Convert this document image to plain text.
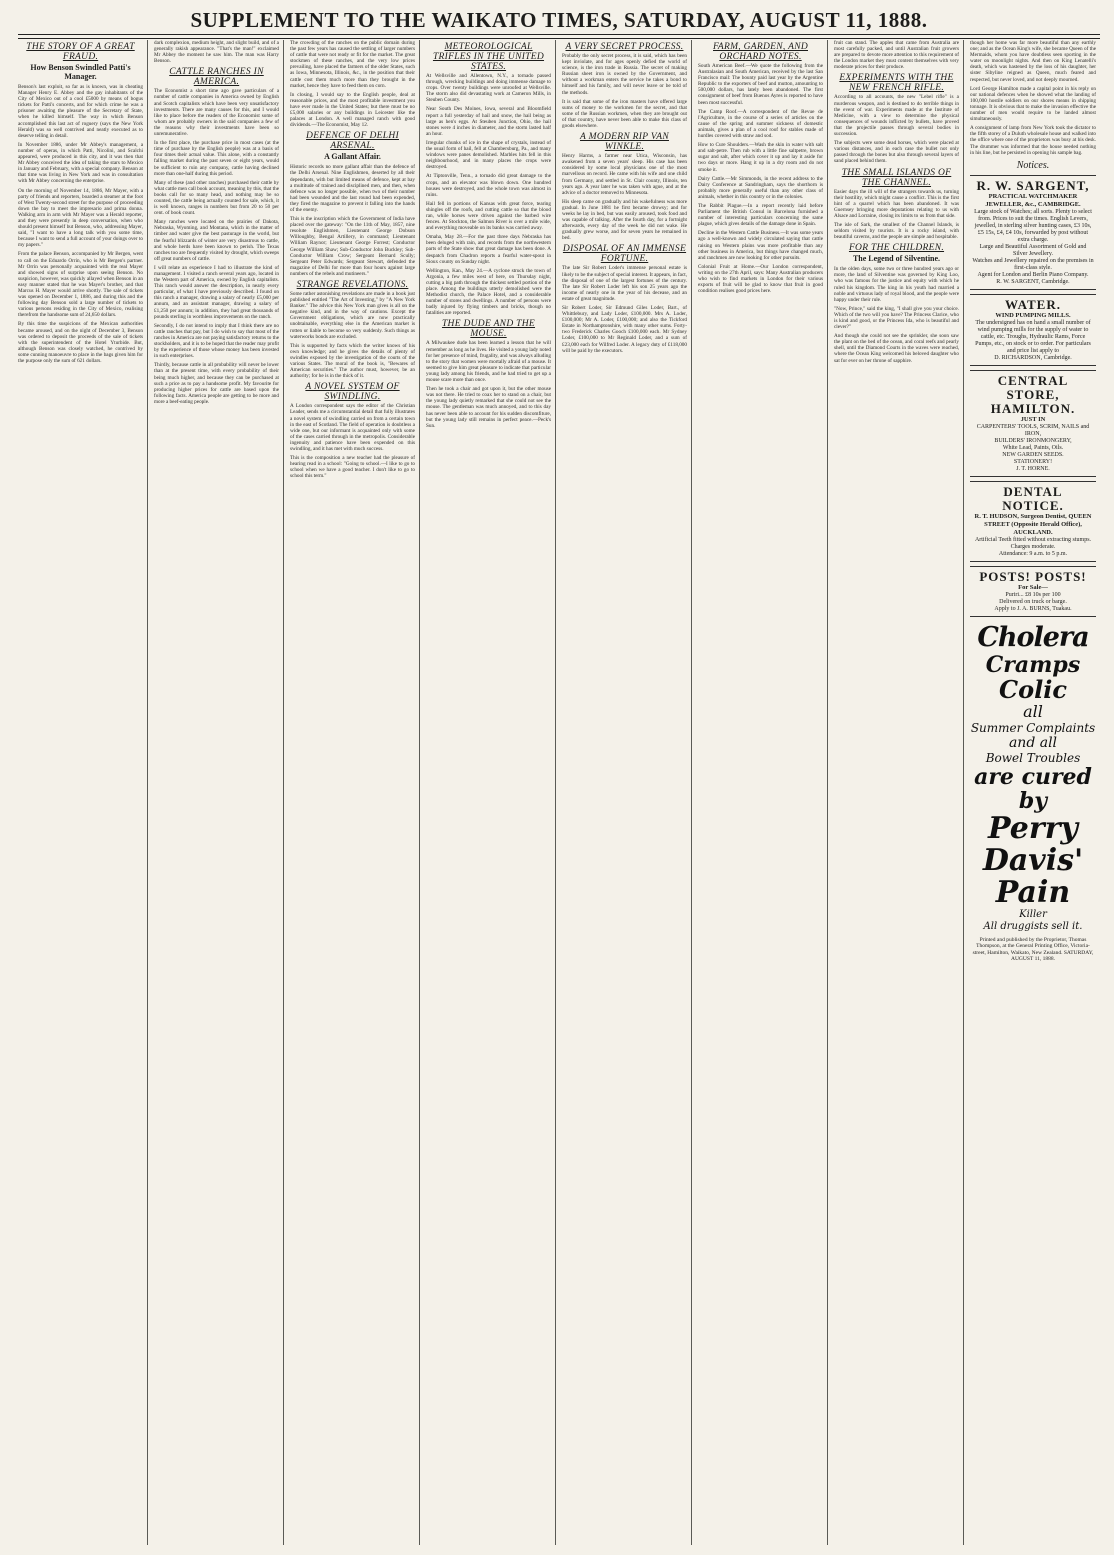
SUPPLEMENT TO THE WAIKATO TIMES, SATURDAY, AUGUST 11, 1888.
THE STORY OF A GREAT FRAUD.
How Benson Swindled Patti's Manager.

Benson's last exploit, so far as is known, was in cheating Manager Henry E. Abbey and the gay inhabitants of the City of Mexico out of a cool £5000 by means of bogus tickets for Patti's concerts, and for which crime he was a prisoner awaiting the pleasure of the Secretary of State, when he killed himself. The way in which Benson accomplished this last act of roguery (says the New York Herald) was so well contrived and neatly executed as to deserve telling in detail.

In November 1886, under Mr Abbey's management, a number of operas, in which Patti, Nicolini, and Scalchi appeared, were produced in this city, and it was then that Mr Abbey conceived the idea of taking the stars to Mexico in January and February, with a special company. Benson at that time was living in New York and was in consultation with Mr Abbey concerning the enterprise.

On the morning of November 14, 1886, Mr Mayer, with a party of friends and reporters, boarded a steamer at the foot of West Twenty-second street for the purpose of proceeding down the bay to meet the impresario and prima donna. Walking arm in arm with Mr Mayer was a Herald reporter, and they were presently in deep conversation, when who should present himself but Benson, who, addressing Mayer, said, "I want to have a long talk with you some time, because I want to send a full account of your doings over to my papers."

From the palace Benson, accompanied by Mr Bergen, went to call on the Eduardo Orrin, who is Mr Bergen's partner. Mr Orrin was personally acquainted with the real Mayer and showed signs of surprise upon seeing Benson. No suspicion, however, was quickly allayed when Benson in an easy manner stated that he was Mayer's brother, and that Marcus H. Mayer would arrive shortly. The sale of tickets was opened on December 1, 1886, and during this and the following day Benson sold a large number of tickets to various persons residing in the City of Mexico, realising therefrom the handsome sum of 24,650 dollars.

By this time the suspicions of the Mexican authorities became aroused, and on the night of December 3, Benson was ordered to deposit the proceeds of the sale of tickets with the superintendent of the Hotel Yturbide. But, although Benson was closely watched, he contrived by some cunning manoeuvre to place in the bags given him for the purpose only the sum of 621 dollars.

dark complexion, medium height, and slight build, and of a generally rakish appearance. "That's the man!" exclaimed Mr Abbey the moment he saw him. The man was Harry Benson.

CATTLE RANCHES IN AMERICA.

The Economist a short time ago gave particulars of a number of cattle companies in America owned by English and Scotch capitalists which have been very unsatisfactory investments. There are many causes for this, and I would like to place before the readers of the Economist some of whom are probably owners in the said companies a few of the reasons why their investments have been so unremunerative.

In the first place, the purchase price in most cases (at the time of purchase by the English people) was at a basis of four times their actual value. This alone, with a constantly falling market during the past seven or eight years, would be sufficient to ruin any company, cattle having declined more than one-half during this period.

Many of these (and other ranches) purchased their cattle by what cattle men call book account, meaning by this, that the books call for so many head, and nothing may be so counted, the cattle being actually counted for sale, which, it is well known, ranges in numbers but from 20 to 50 per cent. of book count.

Many ranches were located on the prairies of Dakota, Nebraska, Wyoming, and Montana, which in the matter of timber and water give the best pasturage in the world, but the fearful blizzards of winter are very disastrous to cattle, and whole herds have been known to perish. The Texas ranches too are frequently visited by drought, which sweeps off great numbers of cattle.

I will relate an experience I had to illustrate the kind of management. I visited a ranch several years ago, located in the Western part of America, owned by English capitalists. This ranch would answer the description, in nearly every particular, of what I have previously described. I found on this ranch a manager, drawing a salary of nearly £5,000 per annum, and an assistant manager, drawing a salary of £1,250 per annum; in addition, they had great thousands of pounds sterling in worthless improvements on the ranch.

Secondly, I do not intend to imply that I think there are no cattle ranches that pay, but I do wish to say that most of the ranches in America are not paying satisfactory returns to the stockholders, and it is to be hoped that the reader may profit by the experience of those whose money has been invested in such enterprises.

Thirdly, because cattle in all probability will never be lower than at the present time, with every probability of their being much higher, and because they can be purchased at such a price as to pay a handsome profit. My favourite for producing higher prices for cattle are based upon the following facts. America people are getting to be more and more a beef-eating people.

The crowding of the ranches on the public domain during the past few years has caused the settling of larger numbers of cattle that were not ready or fit for the market. The great stockmen of these ranches, and the very low prices prevailing, have placed the farmers of the older States, such as Iowa, Minnesota, Illinois, &c., in the position that their cattle cost them much more than they brought in the market, hence they have to feed them on corn.

In closing, I would say to the English people, deal at reasonable prices, and the most profitable investment you have ever made in the United States; but there must be no £5,000 salaries or any buildings in Leicester like the palaces at London. A well managed ranch with good dividends.—The Economist, May 12.

DEFENCE OF DELHI ARSENAL.
A Gallant Affair.

Historic records no more gallant affair than the defence of the Delhi Arsenal. Nine Englishmen, deserted by all their dependants, with but limited means of defence, kept at bay a multitude of trained and disciplined men, and then, when defence was no longer possible, when two of their number had been wounded and the last round had been expended, they fired the magazine to prevent it falling into the hands of the enemy.

This is the inscription which the Government of India have placed over the gateway: "On the 11th of May, 1857, nine resolute Englishmen, Lieutenant George Dobson Willoughby, Bengal Artillery, in command; Lieutenant William Raynor; Lieutenant George Forrest; Conductor George William Shaw; Sub-Conductor John Buckley; Sub-Conductor William Crow; Sergeant Bernard Scully; Sergeant Peter Edwards; Sergeant Stewart, defended the magazine of Delhi for more than four hours against large numbers of the rebels and mutineers."

STRANGE REVELATIONS.

Some rather astonishing revelations are made in a book just published entitled "The Art of Investing," by "A New York Banker." The advice this New York man gives is all on the negative kind, and in the way of cautions. Except the Government obligations, which are now practically unobtainable, everything else in the American market is rotten or liable to become so very suddenly. Such things as waterworks bonds are excluded.

This is supported by facts which the writer knows of his own knowledge; and he gives the details of plenty of swindles exposed by the investigation of the courts of the various States. The moral of the book is, "Bewares of American securities." The author must, however, be an authority; for he is in the thick of it.

A NOVEL SYSTEM OF SWINDLING.

A London correspondent says the editor of the Christian Leader, sends me a circumstantial detail that fully illustrates a novel system of swindling carried on from a certain town in the east of Scotland. The field of operation is doubtless a wide one, but our informant is acquainted only with some of the cases carried through in the metropolis. Considerable ingenuity and patience have been expended on this swindling, and it has met with much success.

This is the composition a new teacher had the pleasure of hearing read in a school: "Going to school.—I like to go to school when we have a good teacher. I don't like to go to school this term."

METEOROLOGICAL TRIFLES IN THE UNITED STATES.

At Wellsville and Allentown, N.Y., a tornado passed through, wrecking buildings and doing immense damage to crops. Over twenty buildings were unroofed at Wellsville. The storm also did devastating work at Cameron Mills, in Steuben County.

Near South Des Moines, Iowa, several and Bloomfield report a full yesterday of hail and snow, the hail being as large as hen's eggs. At Steuben Junction, Ohio, the hail stones were 4 inches in diameter, and the storm lasted half an hour.

Irregular chunks of ice in the shape of crystals, instead of the usual form of hail, fell at Chambersburg, Pa., and many windows were panes demolished. Marbles hits fell in this neighbourhood, and in many places the crops were destroyed.

At Tiptonville, Tenn., a tornado did great damage to the crops, and an elevator was blown down. One hundred houses were destroyed, and the whole town was almost in ruins.

Hail fell in portions of Kansas with great force, tearing shingles off the roofs, and cutting cattle so that the blood ran, while horses were driven against the barbed wire fences. At Stockton, the Salmon River is over a mile wide, and everything moveable on its banks was carried away.

Omaha, May 28.—For the past three days Nebraska has been deluged with rain, and records from the northwestern parts of the State show that great damage has been done. A despatch from Chadron reports a fearful water-spout in Sioux county on Sunday night.

Wellington, Kan., May 24.—A cyclone struck the town of Argonia, a few miles west of here, on Thursday night, cutting a big path through the thickest settled portion of the place. Among the buildings utterly demolished were the Methodist church, the Palace Hotel, and a considerable number of stores and dwellings. A number of persons were badly injured by flying timbers and bricks, though no fatalities are reported.

THE DUDE AND THE MOUSE.

A Milwaukee dude has been learned a lesson that he will remember as long as he lives. He visited a young lady noted for her presence of mind, frugality, and was always alluding to the story that women were mortally afraid of a mouse. It seemed to give him great pleasure to indicate that particular young lady among his friends, and he had tried to get up a mouse scare more than once.

Then he took a chair and got upon it, but the other mouse was not there. He tried to coax her to stand on a chair, but the young lady quietly remarked that she could not see the mouse. The gentleman was much annoyed, and to this day has never been able to account for his sudden discomfiture, but the young lady still remains in perfect peace.—Peck's Sun.

A VERY SECRET PROCESS.

Probably the only secret process, it is said, which has been kept inviolate, and for ages openly defied the world of science, is the iron trade in Russia. The secret of making Russian sheet iron is owned by the Government, and without a workman enters the service he takes a bond to himself and his family, and will never leave or be told of the methods.

It is said that some of the iron masters have offered large sums of money to the workmen for the secret, and that some of the Russian workmen, when they are brought out of that country, have never been able to make this class of goods elsewhere.

A MODERN RIP VAN WINKLE.

Henry Harms, a farmer near Utica, Wisconsin, has awakened from a seven years' sleep. His case has been considered by some local physicians one of the most marvellous on record. He came with his wife and one child from Germany, and settled in St. Clair county, Illinois, ten years ago. A year later he was taken with ague, and at the advice of a doctor removed to Minnesota.

His sleep came on gradually and his wakefulness was more gradual. In June 1881 he first became drowsy; and for weeks he lay in bed, but was easily aroused, took food and was capable of talking. After the fourth day, for a fortnight afterwards, every day of the week he did not wake. He gradually grew worse, and for seven years he remained in bed.

DISPOSAL OF AN IMMENSE FORTUNE.

The late Sir Robert Loder's immense personal estate is likely to be the subject of special interest. It appears, in fact, the disposal of one of the largest fortunes of the century. The late Sir Robert Loder left his son 25 years ago the income of nearly one in the year of his decease, and an estate of great magnitude.

Sir Robert Loder, Sir Edmund Giles Loder, Bart., of Whittlebury, and Lady Loder, £100,000. Mrs A. Loder, £100,000; Mr A. Loder, £100,000; and also the Tickford Estate in Northamptonshire, with many other sums. Forty-two Frederick Charles Gooch £100,000 each. Mr Sydney Loder, £100,000 to Mr Reginald Loder, and a sum of £23,000 each for Wilfred Loder. A legacy duty of £118,000 will be paid by the executors.

FARM, GARDEN, AND ORCHARD NOTES.

South American Beef.—We quote the following from the Australasian and South American, received by the last San Francisco mail: The bounty paid last year by the Argentine Republic to the exporters of beef and mutton, amounting to 500,000 dollars, has lately been abandoned. The first consignment of beef from Buenos Ayres is reported to have been most successful.

The Camp Roof.—A correspondent of the Revue de l'Agriculture, in the course of a series of articles on the cause of the spring and summer sickness of domestic animals, gives a plan of a cool roof for stables made of hurdles covered with straw and sod.

How to Cure Shoulders.—Wash the skin in water with salt and salt-petre. Then rub with a little fine saltpetre, brown sugar and salt, after which cover it up and lay it aside for two days or more. Hang it up in a dry room and do not smoke it.

Dairy Cattle.—Mr Simmonds, in the recent address to the Dairy Conference at Sandringham, says the shorthorn is probably more generally useful than any other class of animals, whether in this country or in the colonies.

The Rabbit Plague.—In a report recently laid before Parliament the British Consul in Barcelona furnished a number of interesting particulars concerning the same plague, which gives details of the damage done in Spain.

Decline in the Western Cattle Business.—It was some years ago a well-known and widely circulated saying that cattle raising on Western plains was more profitable than any other business in America, but things have changed much, and ranchmen are now looking for other pursuits.

Colonial Fruit at Home.—Our London correspondent, writing on the 27th April, says: Many Australian producers who wish to find markets in London for their various exports of fruit will be glad to know that fruit in good condition realises good prices here.

fruit can stand. The apples that came from Australia are most carefully packed, and until Australian fruit growers are prepared to devote more attention to this requirement of the London market they must content themselves with very moderate prices for their produce.

EXPERIMENTS WITH THE NEW FRENCH RIFLE.

According to all accounts, the new "Lebel rifle" is a murderous weapon, and is destined to do terrible things in the event of war. Experiments made at the Institute of Medicine, with a view to determine the physical consequences of wounds inflicted by bullets, have proved that the projectile passes through several bodies in succession.

The subjects were some dead horses, which were placed at various distances, and in each case the bullet not only passed through the bones but also through several layers of sand placed behind them.

THE SMALL ISLANDS OF THE CHANNEL.

Easier days the ill will of the strangers towards us, turning their hostility, which might cause a conflict. This is the first hint of a quarrel which has been abandoned. It was Guernsey bringing more deputations relating to us with Alsace and Lorraine, closing its limits to us from that side.

The isle of Sark, the smallest of the Channel Islands, is seldom visited by tourists. It is a rocky island, with beautiful caverns, and the people are simple and hospitable.

FOR THE CHILDREN.
The Legend of Silventine.

In the olden days, some two or three hundred years ago or more, the land of Silventine was governed by King Loo, who was famous for the justice and equity with which he ruled his kingdom. The king in his youth had married a noble and virtuous lady of royal blood, and the people were happy under their rule.

"Now, Prince," said the king, "I shall give you your choice. Which of the two will you have? The Princess Clarice, who is kind and good, or the Princess Ida, who is beautiful and clever?"

And though she could not see the sprinkler, she soon saw the plant on the bed of the ocean, and coral reefs and pearly shell, until the Diamond Courts in the waves were reached, where the Ocean King welcomed his beloved daughter who sat for ever on her throne of sapphire.

though her home was far more beautiful than any earthly one; and as the Ocean King's wife, she became Queen of the Mermaids, whom you have doubtless seen sporting in the water on moonlight nights. And then on King Lenatelli's death, which was hastened by the loss of his daughter, her sister Sibyline reigned as Queen, much feared and respected, but never loved, and not deeply mourned.

Lord George Hamilton made a capital point in his reply on our national defences when he showed what the landing of 100,000 hostile soldiers on our shores means in shipping tonnage. It is obvious that to make the invasion effective the number of men would require to be landed almost simultaneously.

A consignment of lamp from New York took the dictator to the fifth storey of a Duluth wholesale house and walked into the office where one of the proprietors was busy at his desk. The drummer was informed that the house needed nothing in his line, but he persisted in opening his sample bag.

Notices.
R. W. SARGENT,
PRACTICAL WATCHMAKER JEWELLER, &c., CAMBRIDGE.
Large stock of Watches; all sorts. Plenty to select from. Prices to suit the times. English Levers, jewelled, in sterling silver hunting cases, £3 10s, £5 15s, £4, £4 10s, forwarded by post without extra charge.
Large and Beautiful Assortment of Gold and Silver Jewellery.
Watches and Jewellery repaired on the premises in first-class style.
Agent for London and Berlin Piano Company.
R. W. SARGENT, Cambridge.
WATER.
WIND PUMPING MILLS.
The undersigned has on hand a small number of wind pumping mills for the supply of water to cattle, etc. Troughs, Hydraulic Rams, Force Pumps, etc., on stock or to order. For particulars and price list apply to
D. RICHARDSON, Cambridge.
CENTRAL STORE, HAMILTON.
JUST IN
CARPENTERS' TOOLS, SCRIM, NAILS and IRON,
BUILDERS' IRONMONGERY,
White Lead, Paints, Oils.
NEW GARDEN SEEDS.
STATIONERY!
J. T. HORNE.
DENTAL NOTICE.
R. T. HUDSON, Surgeon Dentist, QUEEN STREET (Opposite Herald Office), AUCKLAND.
Artificial Teeth fitted without extracting stumps. Charges moderate.
Attendance: 9 a.m. to 5 p.m.
POSTS! POSTS!
For Sale—
Puriri... £8 10s per 100
Delivered on truck or barge.
Apply to J. A. BURNS, Tuakau.
Cholera
Cramps
Colic
all
Summer Complaints
and all
Bowel Troubles
are cured by
Perry Davis'
Pain
Killer
All druggists sell it.
Printed and published by the Proprietor, Thomas Thompson, at the General Printing Office, Victoria-street, Hamilton, Waikato, New Zealand. SATURDAY, AUGUST 11, 1888.
